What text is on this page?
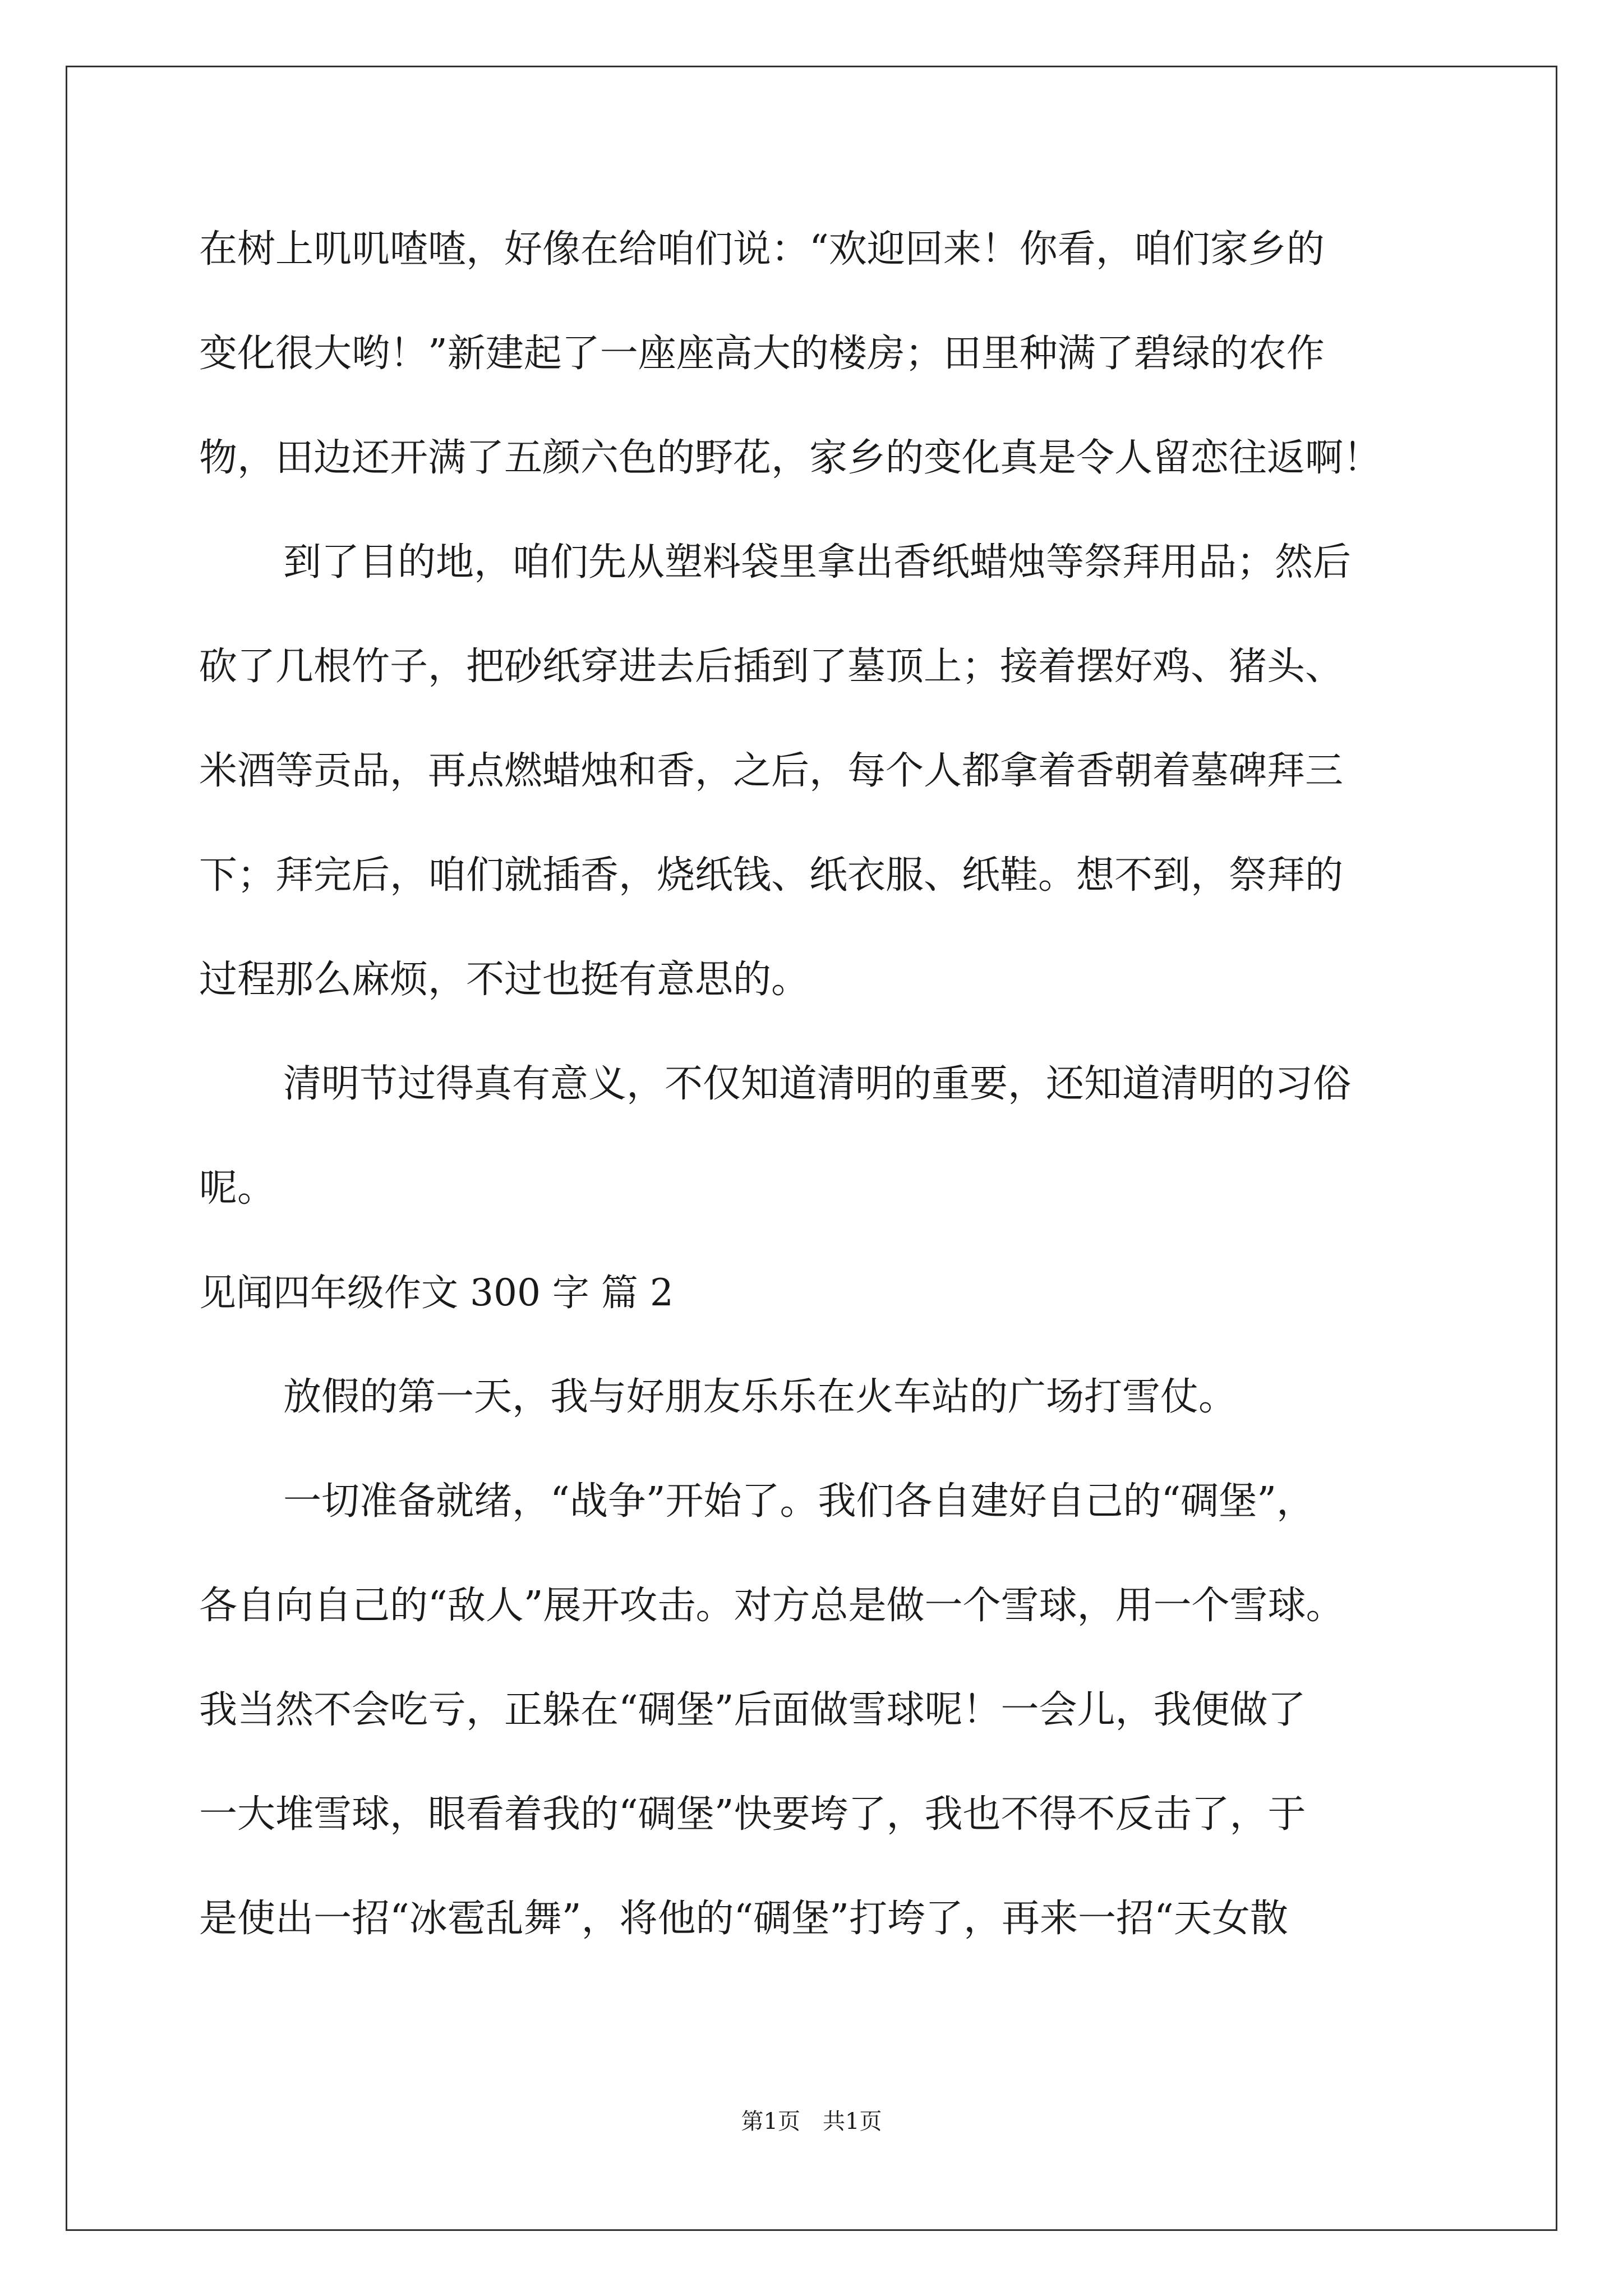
在树上叽叽喳喳，好像在给咱们说：“欢迎回来！你看，咱们家乡的
变化很大哟！”新建起了一座座高大的楼房；田里种满了碧绿的农作
物，田边还开满了五颜六色的野花，家乡的变化真是令人留恋往返啊！
到了目的地，咱们先从塑料袋里拿出香纸蜡烛等祭拜用品；然后
砍了几根竹子，把砂纸穿进去后插到了墓顶上；接着摆好鸡、猪头、
米酒等贡品，再点燃蜡烛和香，之后，每个人都拿着香朝着墓碑拜三
下；拜完后，咱们就插香，烧纸钱、纸衣服、纸鞋。想不到，祭拜的
过程那么麻烦，不过也挺有意思的。
清明节过得真有意义，不仅知道清明的重要，还知道清明的习俗
呢。
见闻四年级作文 300 字 篇 2
放假的第一天，我与好朋友乐乐在火车站的广场打雪仗。
一切准备就绪，“战争”开始了。我们各自建好自己的“碉堡”，
各自向自己的“敌人”展开攻击。对方总是做一个雪球，用一个雪球。
我当然不会吃亏，正躲在“碉堡”后面做雪球呢！一会儿，我便做了
一大堆雪球，眼看着我的“碉堡”快要垮了，我也不得不反击了，于
是使出一招“冰雹乱舞”，将他的“碉堡”打垮了，再来一招“天女散
第1页　共1页
